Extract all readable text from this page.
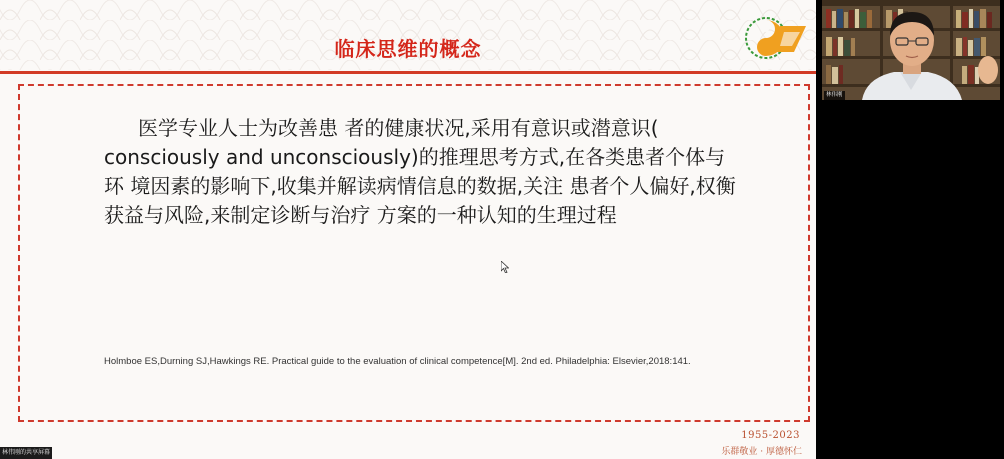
临床思维的概念
医学专业人士为改善患 者的健康状况,采用有意识或潜意识( consciously and unconsciously)的推理思考方式,在各类患者个体与环 境因素的影响下,收集并解读病情信息的数据,关注 患者个人偏好,权衡获益与风险,来制定诊断与治疗 方案的一种认知的生理过程
Holmboe ES,Durning SJ,Hawkings RE. Practical guide to the evaluation of clinical competence[M]. 2nd ed. Philadelphia: Elsevier,2018:141.
1955-2023
乐群敬业 · 厚德怀仁
林伟刚的共享屏幕
林伟刚
